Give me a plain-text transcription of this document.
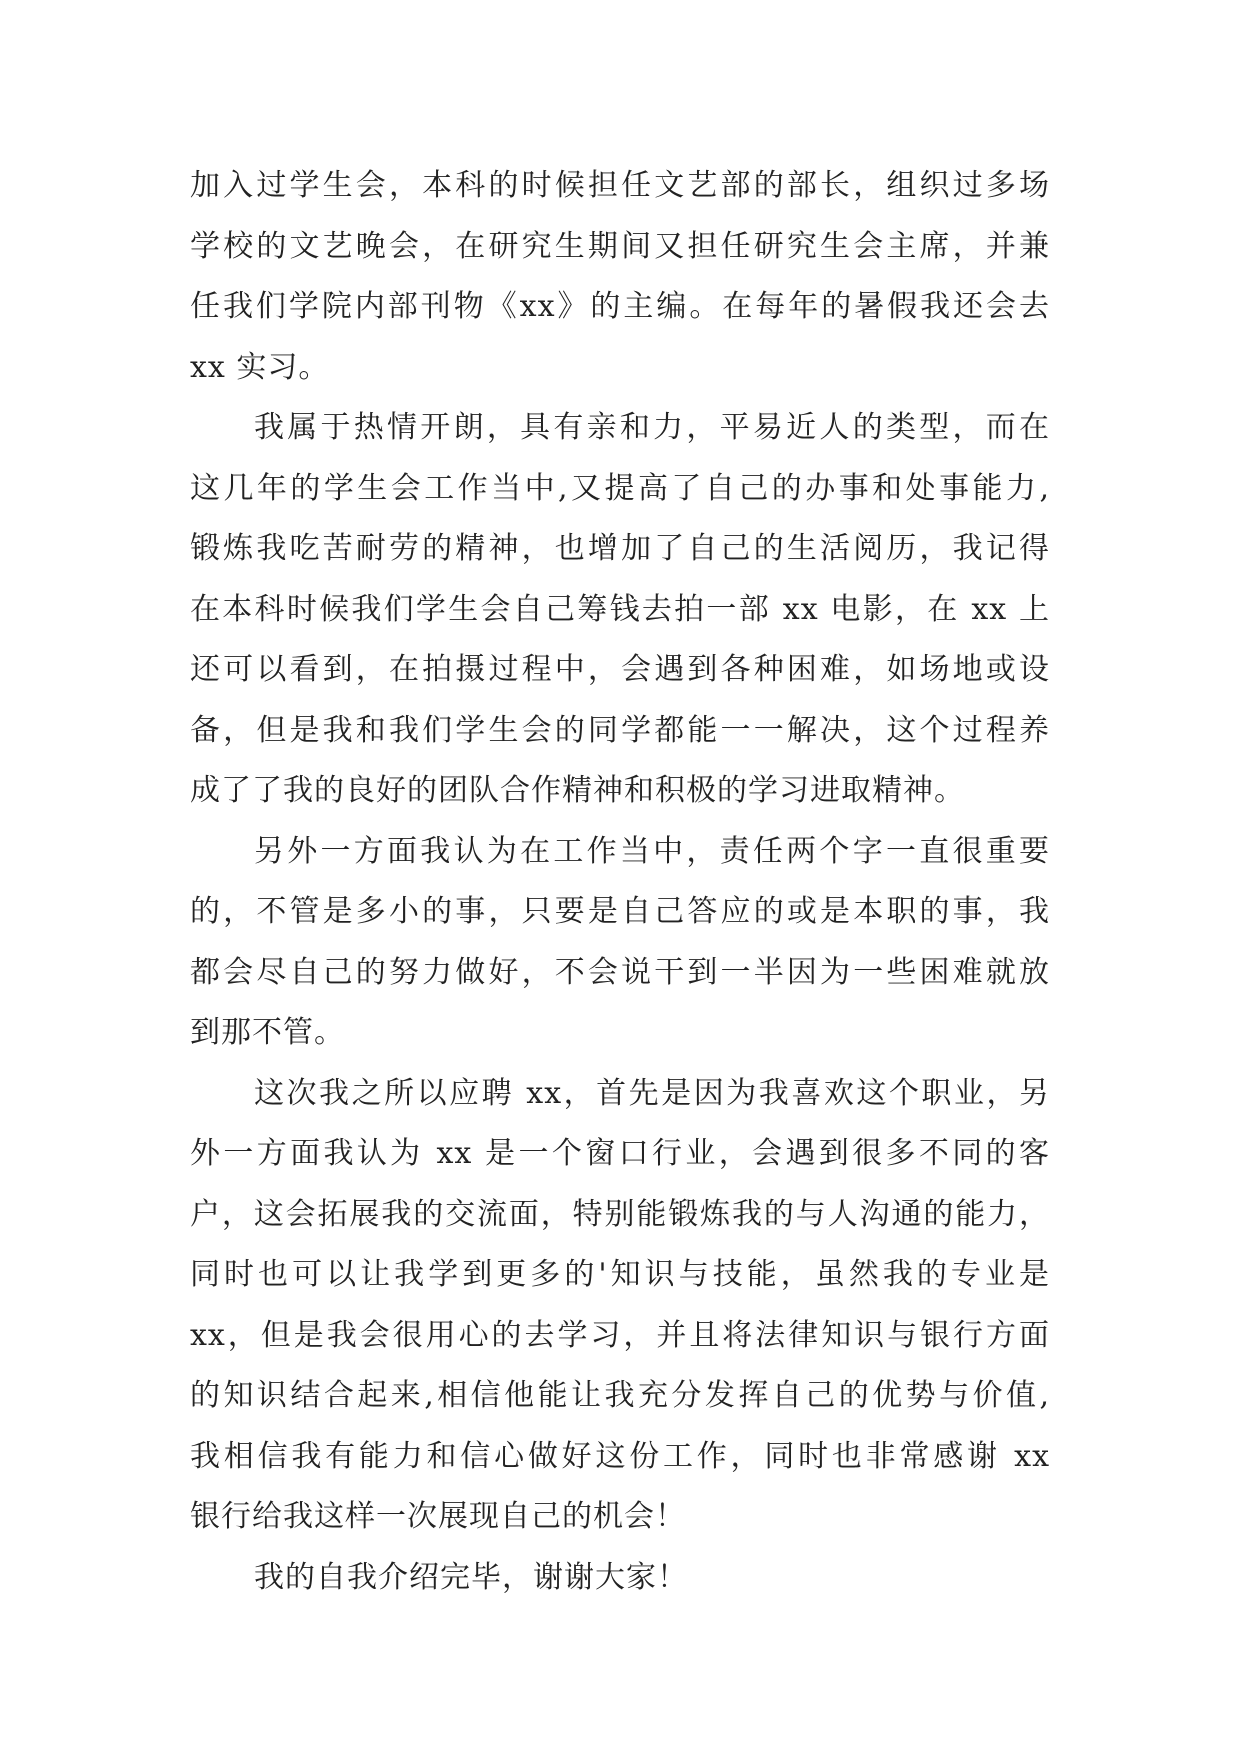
加入过学生会，本科的时候担任文艺部的部长，组织过多场
学校的文艺晚会，在研究生期间又担任研究生会主席，并兼
任我们学院内部刊物《xx》的主编。在每年的暑假我还会去
xx 实习。
我属于热情开朗，具有亲和力，平易近人的类型，而在
这几年的学生会工作当中,又提高了自己的办事和处事能力,
锻炼我吃苦耐劳的精神，也增加了自己的生活阅历，我记得
在本科时候我们学生会自己筹钱去拍一部 xx 电影，在 xx 上
还可以看到，在拍摄过程中，会遇到各种困难，如场地或设
备，但是我和我们学生会的同学都能一一解决，这个过程养
成了了我的良好的团队合作精神和积极的学习进取精神。
另外一方面我认为在工作当中，责任两个字一直很重要
的，不管是多小的事，只要是自己答应的或是本职的事，我
都会尽自己的努力做好，不会说干到一半因为一些困难就放
到那不管。
这次我之所以应聘 xx，首先是因为我喜欢这个职业，另
外一方面我认为 xx 是一个窗口行业，会遇到很多不同的客
户，这会拓展我的交流面，特别能锻炼我的与人沟通的能力，
同时也可以让我学到更多的'知识与技能，虽然我的专业是
xx，但是我会很用心的去学习，并且将法律知识与银行方面
的知识结合起来,相信他能让我充分发挥自己的优势与价值,
我相信我有能力和信心做好这份工作，同时也非常感谢 xx
银行给我这样一次展现自己的机会！
我的自我介绍完毕，谢谢大家！
